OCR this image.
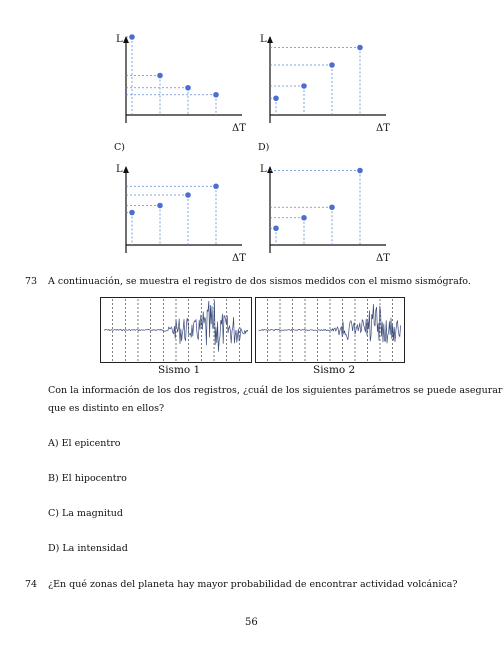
L
ΔT
L
ΔT
C)
L
ΔT
D)
L
ΔT
73 A continuación, se muestra el registro de dos sismos medidos con el mismo sismógrafo.
Sismo 1	Sismo 2
Con la información de los dos registros, ¿cuál de los siguientes parámetros se puede asegurar
que es distinto en ellos?
A) El epicentro
B) El hipocentro
C) La magnitud
D) La intensidad
74 ¿En qué zonas del planeta hay mayor probabilidad de encontrar actividad volcánica?
56
